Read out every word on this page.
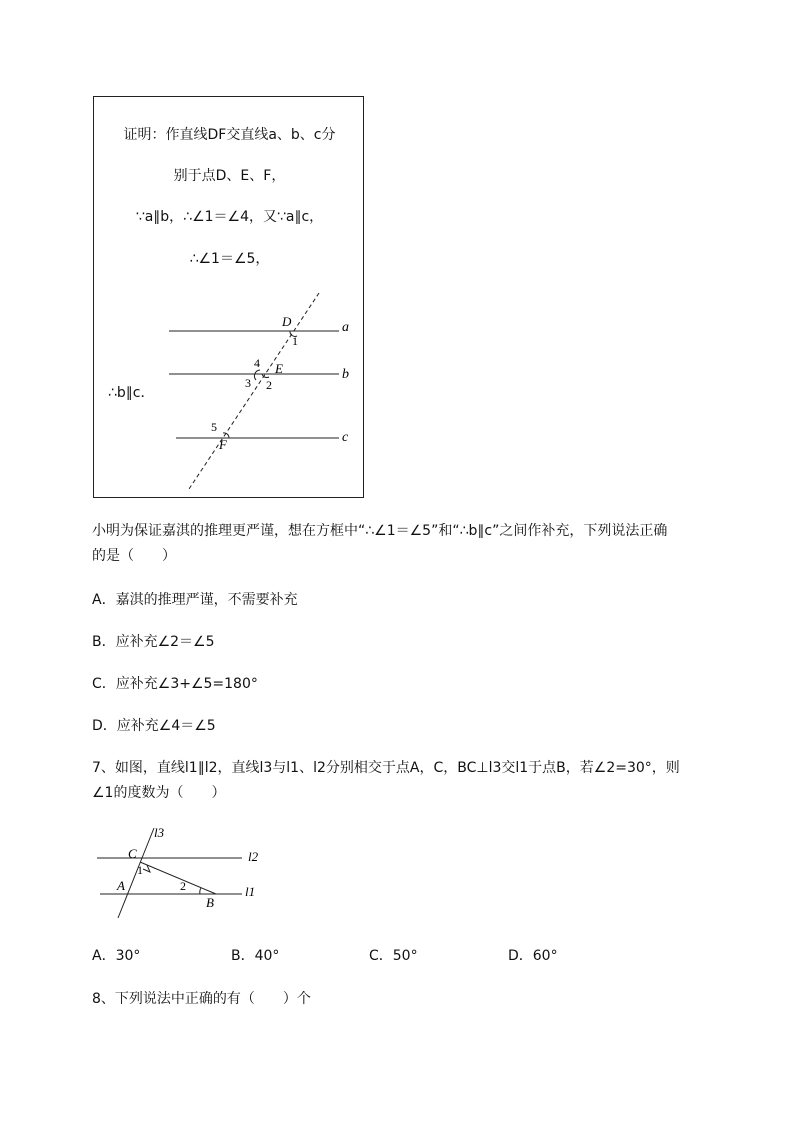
证明：作直线DF交直线a、b、c分
别于点D、E、F，
∵a∥b，∴∠1＝∠4，又∵a∥c，
∴∠1＝∠5，
∴b∥c．
a
b
c
D
E
F
1
4
3 2
5
小明为保证嘉淇的推理更严谨，想在方框中“∴∠1＝∠5”和“∴b∥c”之间作补充，下列说法正确
的是（　　）
A．嘉淇的推理严谨，不需要补充
B．应补充∠2＝∠5
C．应补充∠3+∠5=180°
D．应补充∠4＝∠5
7、如图，直线l1∥l2，直线l3与l1、l2分别相交于点A，C，BC⊥l3交l1于点B，若∠2=30°，则
∠1的度数为（　　）
l3
C	l2
1
A	2
B
l1
A．30°	B．40°	C．50°	D．60°
8、下列说法中正确的有（　　）个
